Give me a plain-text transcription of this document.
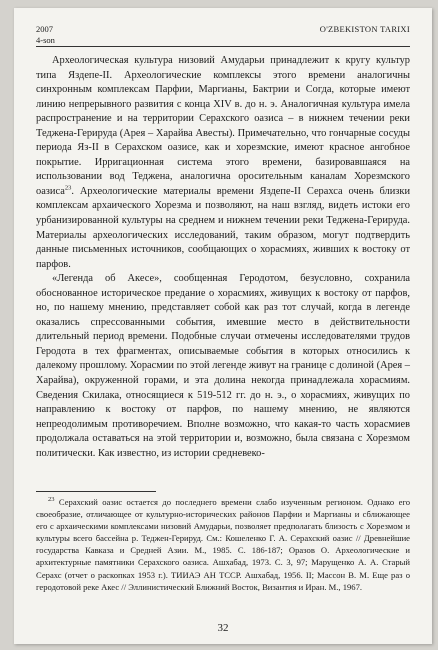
2007
4-son
O'ZBEKISTON TARIXI

Археологическая культура низовий Амударьи принадлежит к кругу культур типа Яздепе-II. Археологические комплексы этого времени аналогичны синхронным комплексам Парфии, Маргианы, Бактрии и Согда, которые имеют линию непрерывного развития с конца XIV в. до н. э. Аналогичная культура имела распространение и на территории Серахского оазиса – в нижнем течении реки Теджена-Герируда (Арея – Харайва Авесты). Примечательно, что гончарные сосуды периода Яз-II в Серахском оазисе, как и хорезмские, имеют красное ангобное покрытие. Ирригационная система этого времени, базировавшаяся на использовании вод Теджена, аналогична оросительным каналам Хорезмского оазиса$^{23}$. Археологические материалы времени Яздепе-II Серахса очень близки комплексам архаического Хорезма и позволяют, на наш взгляд, видеть истоки его урбанизированной культуры на среднем и нижнем течении реки Теджена-Герируда. Материалы археологических исследований, таким образом, могут подтвердить данные письменных источников, сообщающих о хорасмиях, живших к востоку от парфов.

«Легенда об Акесе», сообщенная Геродотом, безусловно, сохранила обоснованное историческое предание о хорасмиях, живущих к востоку от парфов, но, по нашему мнению, представляет собой как раз тот случай, когда в легенде оказались спрессованными события, имевшие место в действительности длительный период времени. Подобные случаи отмечены исследователями трудов Геродота в тех фрагментах, описываемые события в которых относились к далекому прошлому. Хорасмии по этой легенде живут на границе с долиной (Арея – Харайва), окруженной горами, и эта долина некогда принадлежала хорасмиям. Сведения Скилака, относящиеся к 519-512 гг. до н. э., о хорасмиях, живущих по направлению к востоку от парфов, по нашему мнению, не являются непреодолимым противоречием. Вполне возможно, что какая-то часть хорасмиев продолжала оставаться на этой территории и, возможно, была связана с Хорезмом политически. Как известно, из истории средневеко-

$^{23}$ Серахский оазис остается до последнего времени слабо изученным регионом. Однако его своеобразие, отличающее от культурно-исторических районов Парфии и Маргианы и сближающее его с архаическими комплексами низовий Амударьи, позволяет предполагать близость с Хорезмом и культуры всего бассейна р. Теджен-Герируд. См.: Кошеленко Г. А. Серахский оазис // Древнейшие государства Кавказа и Средней Азии. М., 1985. С. 186-187; Оразов О. Археологические и архитектурные памятники Серахского оазиса. Ашхабад, 1973. С. 3, 97; Марущенко А. А. Старый Серахс (отчет о раскопках 1953 г.). ТИИАЭ АН ТССР. Ашхабад, 1956. II; Массон В. М. Еще раз о геродотовой реке Акес // Эллинистический Ближний Восток, Византия и Иран. М., 1967.

32
